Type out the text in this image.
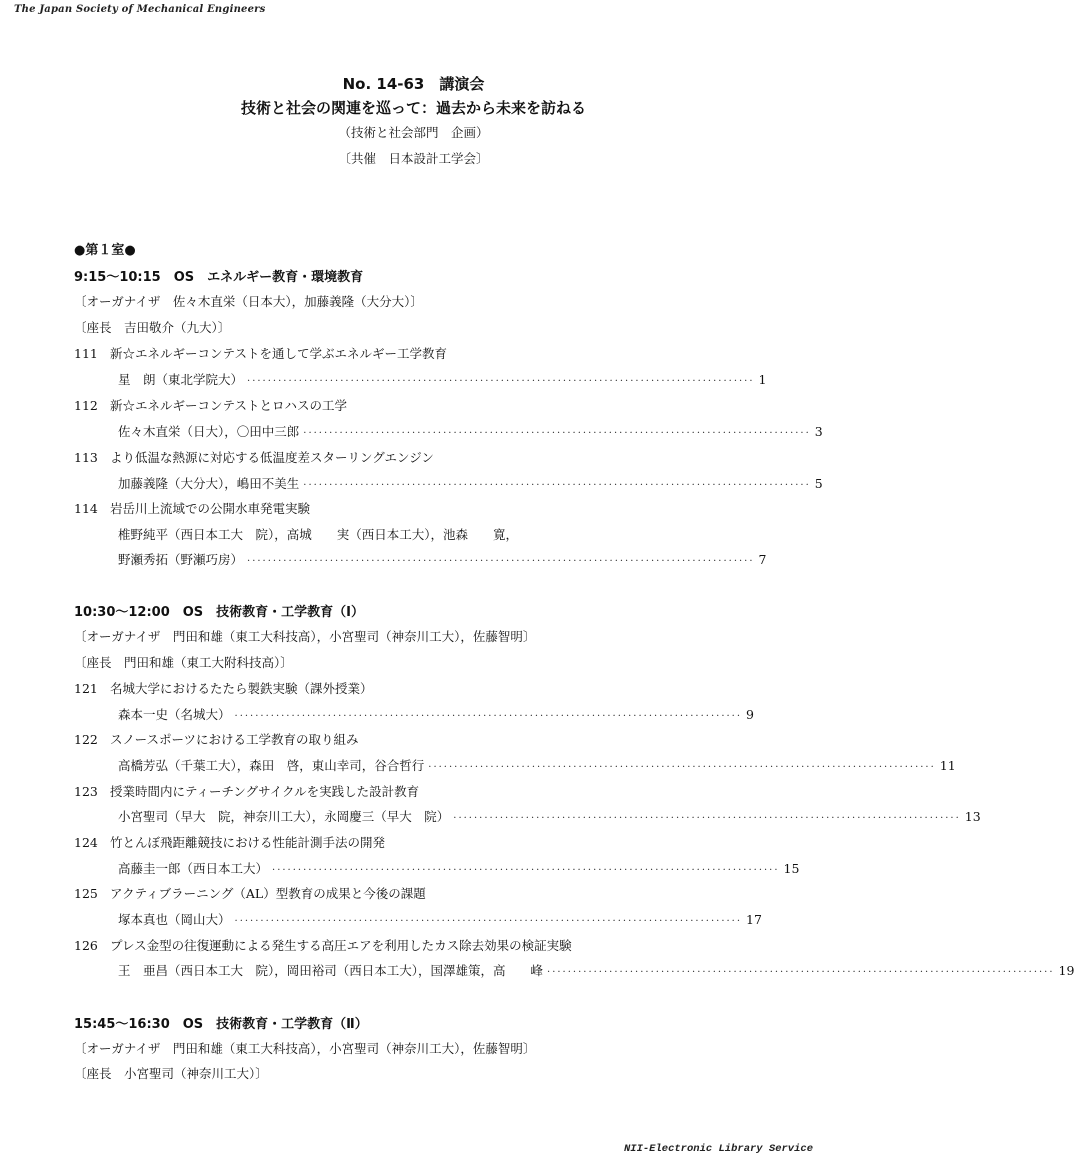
The Japan Society of Mechanical Engineers
No. 14-63　講演会
技術と社会の関連を巡って：過去から未来を訪ねる
（技術と社会部門　企画）
〔共催　日本設計工学会〕
●第１室●
9:15〜10:15　OS　エネルギー教育・環境教育
〔オーガナイザ　佐々木直栄（日本大），加藤義隆（大分大）〕
〔座長　吉田敬介（九大）〕
111 新☆エネルギーコンテストを通して学ぶエネルギー工学教育
星　朗（東北学院大） ·································································································· 1
112 新☆エネルギーコンテストとロハスの工学
佐々木直栄（日大），〇田中三郎 ·································································································· 3
113 より低温な熱源に対応する低温度差スターリングエンジン
加藤義隆（大分大），嶋田不美生 ·································································································· 5
114 岩岳川上流域での公開水車発電実験
椎野純平（西日本工大　院），高城　　実（西日本工大），池森　　寛，
野瀬秀拓（野瀬巧房） ·································································································· 7
10:30〜12:00　OS　技術教育・工学教育（Ⅰ）
〔オーガナイザ　門田和雄（東工大科技高），小宮聖司（神奈川工大），佐藤智明〕
〔座長　門田和雄（東工大附科技高）〕
121 名城大学におけるたたら製鉄実験（課外授業）
森本一史（名城大） ·································································································· 9
122 スノースポーツにおける工学教育の取り組み
高橋芳弘（千葉工大），森田　啓，東山幸司，谷合哲行 ·································································································· 11
123 授業時間内にティーチングサイクルを実践した設計教育
小宮聖司（早大　院，神奈川工大），永岡慶三（早大　院） ·································································································· 13
124 竹とんぼ飛距離競技における性能計測手法の開発
高藤圭一郎（西日本工大） ·································································································· 15
125 アクティブラーニング（AL）型教育の成果と今後の課題
塚本真也（岡山大） ·································································································· 17
126 プレス金型の往復運動による発生する高圧エアを利用したカス除去効果の検証実験
王　亜昌（西日本工大　院），岡田裕司（西日本工大），国澤雄策，高　　峰 ·································································································· 19
15:45〜16:30　OS　技術教育・工学教育（Ⅱ）
〔オーガナイザ　門田和雄（東工大科技高），小宮聖司（神奈川工大），佐藤智明〕
〔座長　小宮聖司（神奈川工大）〕
NII-Electronic Library Service
